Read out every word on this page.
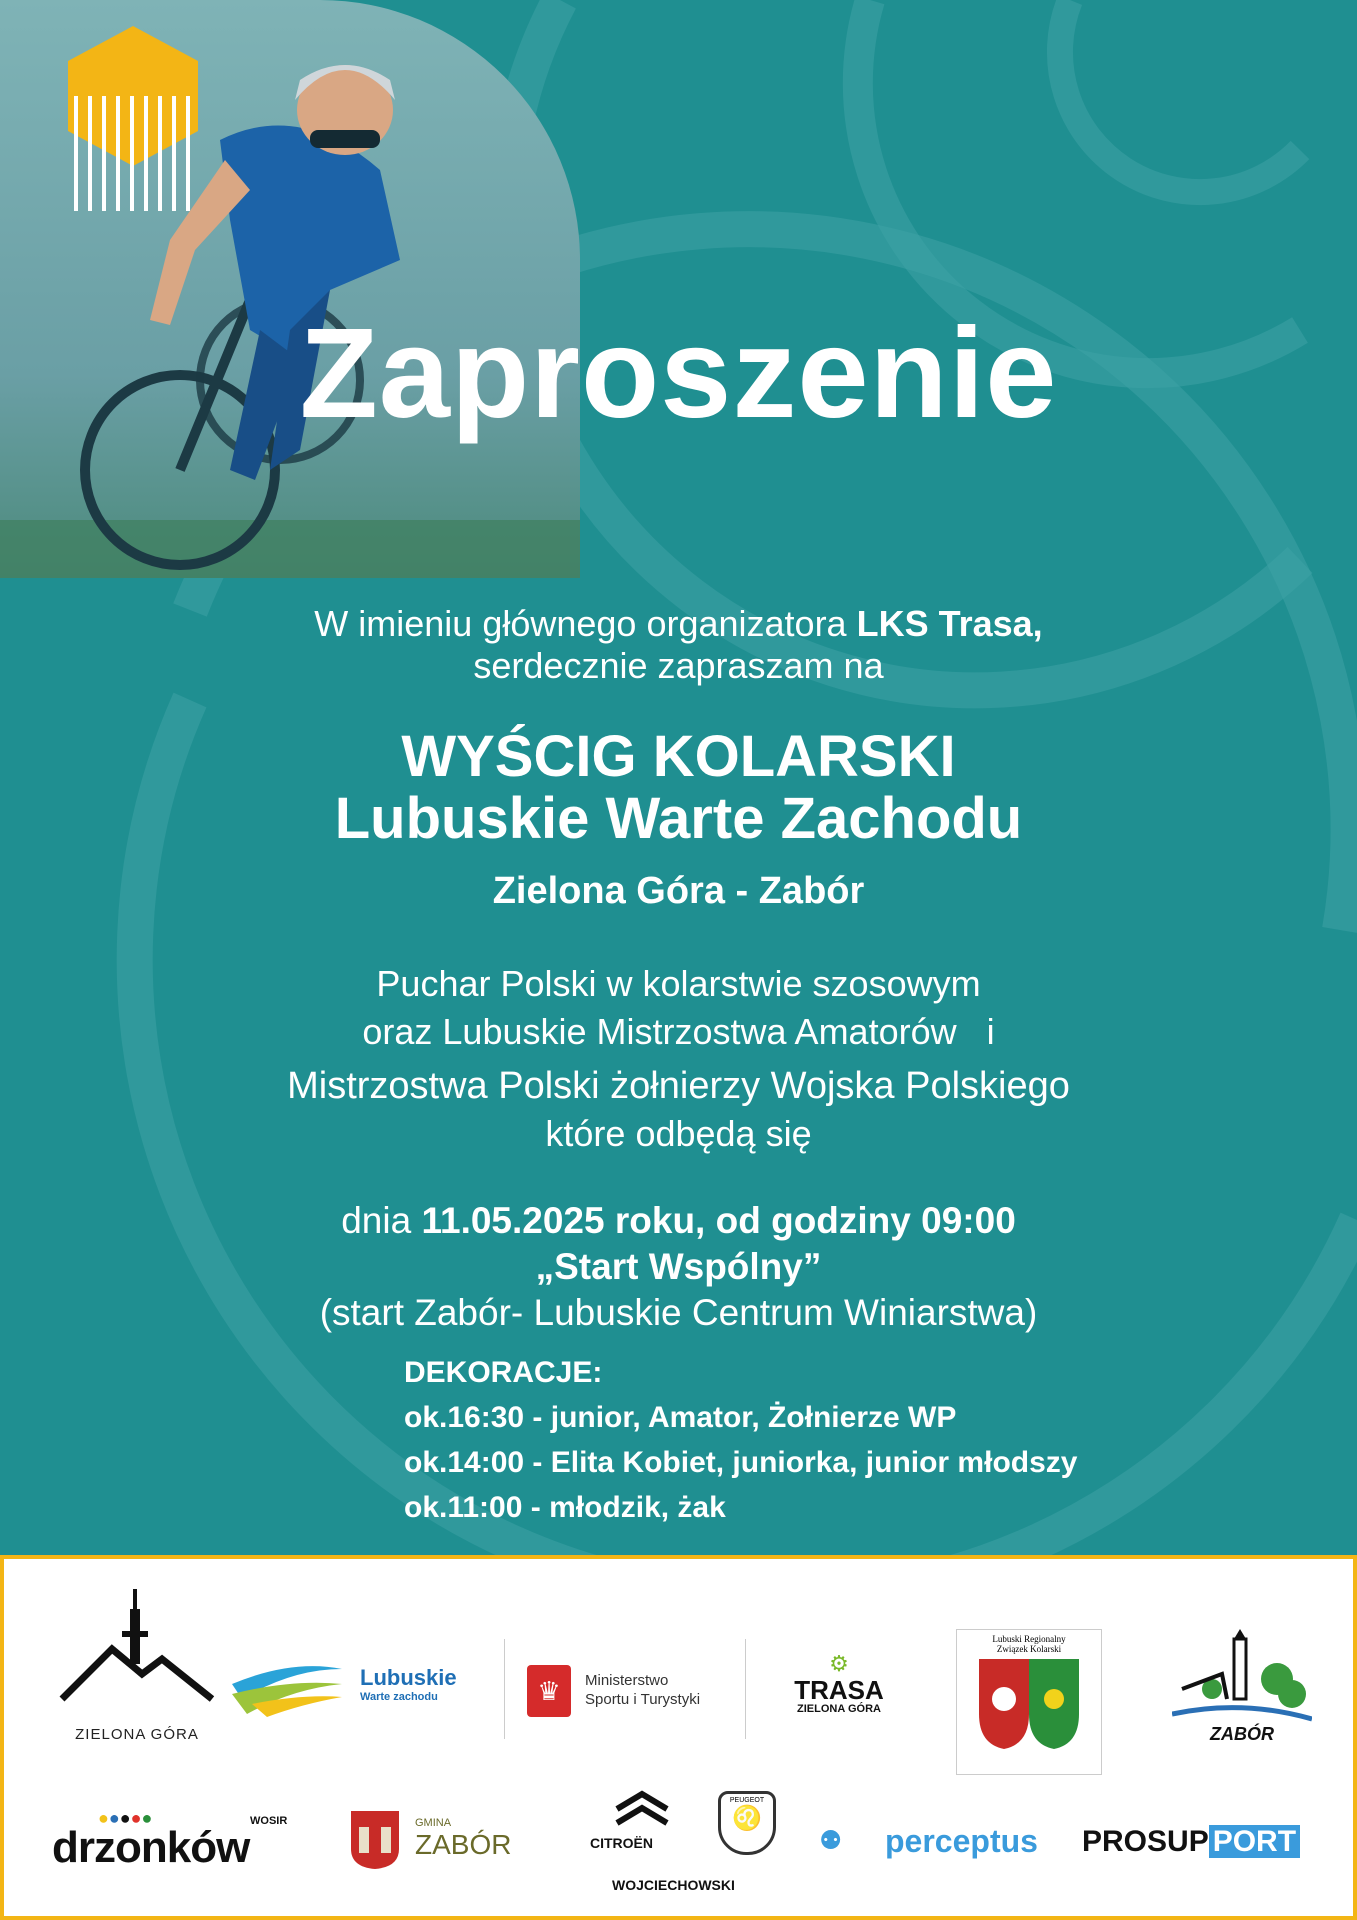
Zaproszenie
W imieniu głównego organizatora LKS Trasa,
serdecznie zapraszam na
WYŚCIG KOLARSKI
Lubuskie Warte Zachodu
Zielona Góra - Zabór
Puchar Polski w kolarstwie szosowym
oraz Lubuskie Mistrzostwa Amatorów   i
Mistrzostwa Polski żołnierzy Wojska Polskiego
które odbędą się
dnia 11.05.2025 roku, od godziny 09:00
„Start Wspólny”
(start Zabór- Lubuskie Centrum Winiarstwa)
DEKORACJE:
ok.16:30 - junior, Amator, Żołnierze WP
ok.14:00 - Elita Kobiet, juniorka, junior młodszy
ok.11:00 - młodzik, żak
ZIELONA GÓRA
Lubuskie
Warte zachodu	♛	Ministerstwo
Sportu i Turystyki
⚙
TRASA
ZIELONA GÓRA
Lubuski Regionalny
Związek Kolarski
ZABÓR
●●●●●	WOSIR
drzonków	GMINA
ZABÓR	CITROËN
PEUGEOT
♌
WOJCIECHOWSKI
⚉ perceptus PROSUP PORT
